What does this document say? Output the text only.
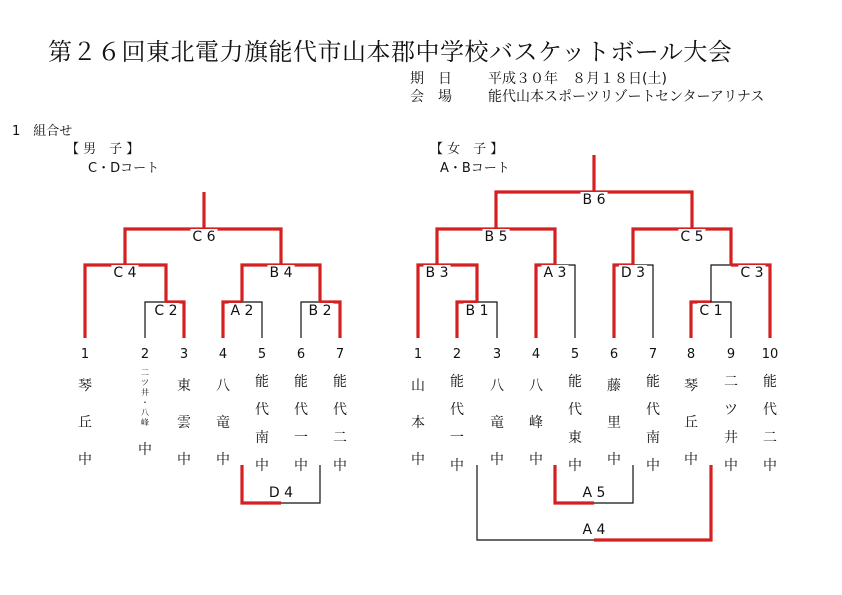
第２６回東北電力旗能代市山本郡中学校バスケットボール大会
期　日	平成３０年　８月１８日(土)
会　場	能代山本スポーツリゾートセンターアリナス
1　組合せ
【 男　子 】
C・Dコート
【 女　子 】
A・Bコート
C 2	A 2	B 2
C 4	B 4
C 6
D 4
B 1	C 1
B 3	A 3	D 3	C 3
B 5	C 5
B 6
A 5
A 4
1
琴
丘
中
2
二
ツ
井
・
八
峰
中
3
東
雲
中
4
八
竜
中
5
能
代
南
中
6
能
代
一
中
7
能
代
二
中
1
山
本
中
2
能
代
一
中
3
八
竜
中
4
八
峰
中
5
能
代
東
中
6
藤
里
中
7
能
代
南
中
8
琴
丘
中
9
二
ツ
井
中
10
能
代
二
中
